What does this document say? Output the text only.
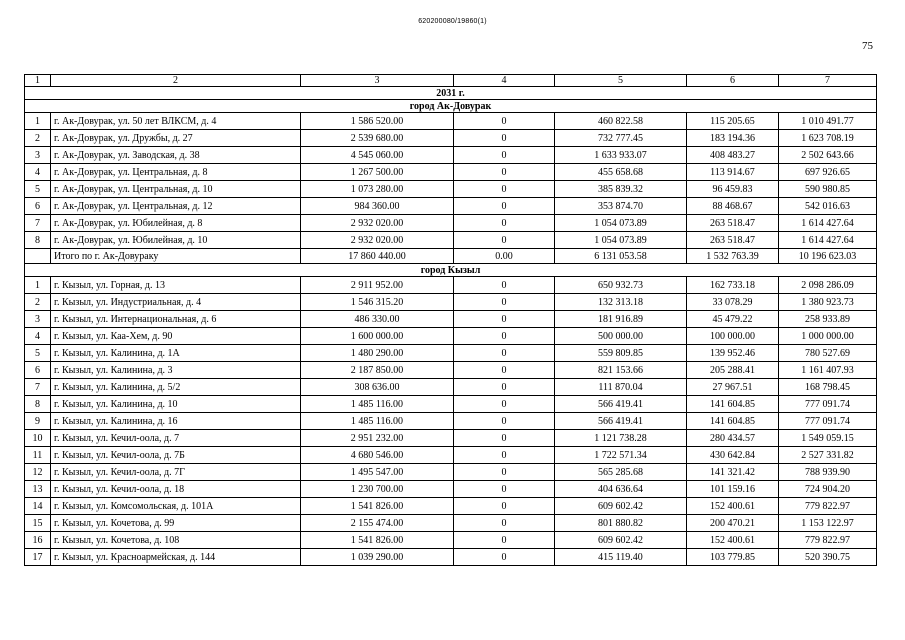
620200080/19860(1)
75
1	2	3	4	5	6	7
2031 г.						
город Ак-Довурак						
1	г. Ак-Довурак, ул. 50 лет ВЛКСМ, д. 4	1 586 520.00	0	460 822.58	115 205.65	1 010 491.77
2	г. Ак-Довурак, ул. Дружбы, д. 27	2 539 680.00	0	732 777.45	183 194.36	1 623 708.19
3	г. Ак-Довурак, ул. Заводская, д. 38	4 545 060.00	0	1 633 933.07	408 483.27	2 502 643.66
4	г. Ак-Довурак, ул. Центральная, д. 8	1 267 500.00	0	455 658.68	113 914.67	697 926.65
5	г. Ак-Довурак, ул. Центральная, д. 10	1 073 280.00	0	385 839.32	96 459.83	590 980.85
6	г. Ак-Довурак, ул. Центральная, д. 12	984 360.00	0	353 874.70	88 468.67	542 016.63
7	г. Ак-Довурак, ул. Юбилейная, д. 8	2 932 020.00	0	1 054 073.89	263 518.47	1 614 427.64
8	г. Ак-Довурак, ул. Юбилейная, д. 10	2 932 020.00	0	1 054 073.89	263 518.47	1 614 427.64
	Итого по г. Ак-Довураку	17 860 440.00	0.00	6 131 053.58	1 532 763.39	10 196 623.03
город Кызыл						
1	г. Кызыл, ул. Горная, д. 13	2 911 952.00	0	650 932.73	162 733.18	2 098 286.09
2	г. Кызыл, ул. Индустриальная, д. 4	1 546 315.20	0	132 313.18	33 078.29	1 380 923.73
3	г. Кызыл, ул. Интернациональная, д. 6	486 330.00	0	181 916.89	45 479.22	258 933.89
4	г. Кызыл, ул. Каа-Хем, д. 90	1 600 000.00	0	500 000.00	100 000.00	1 000 000.00
5	г. Кызыл, ул. Калинина, д. 1А	1 480 290.00	0	559 809.85	139 952.46	780 527.69
6	г. Кызыл, ул. Калинина, д. 3	2 187 850.00	0	821 153.66	205 288.41	1 161 407.93
7	г. Кызыл, ул. Калинина, д. 5/2	308 636.00	0	111 870.04	27 967.51	168 798.45
8	г. Кызыл, ул. Калинина, д. 10	1 485 116.00	0	566 419.41	141 604.85	777 091.74
9	г. Кызыл, ул. Калинина, д. 16	1 485 116.00	0	566 419.41	141 604.85	777 091.74
10	г. Кызыл, ул. Кечил-оола, д. 7	2 951 232.00	0	1 121 738.28	280 434.57	1 549 059.15
11	г. Кызыл, ул. Кечил-оола, д. 7Б	4 680 546.00	0	1 722 571.34	430 642.84	2 527 331.82
12	г. Кызыл, ул. Кечил-оола, д. 7Г	1 495 547.00	0	565 285.68	141 321.42	788 939.90
13	г. Кызыл, ул. Кечил-оола, д. 18	1 230 700.00	0	404 636.64	101 159.16	724 904.20
14	г. Кызыл, ул. Комсомольская, д. 101А	1 541 826.00	0	609 602.42	152 400.61	779 822.97
15	г. Кызыл, ул. Кочетова, д. 99	2 155 474.00	0	801 880.82	200 470.21	1 153 122.97
16	г. Кызыл, ул. Кочетова, д. 108	1 541 826.00	0	609 602.42	152 400.61	779 822.97
17	г. Кызыл, ул. Красноармейская, д. 144	1 039 290.00	0	415 119.40	103 779.85	520 390.75
